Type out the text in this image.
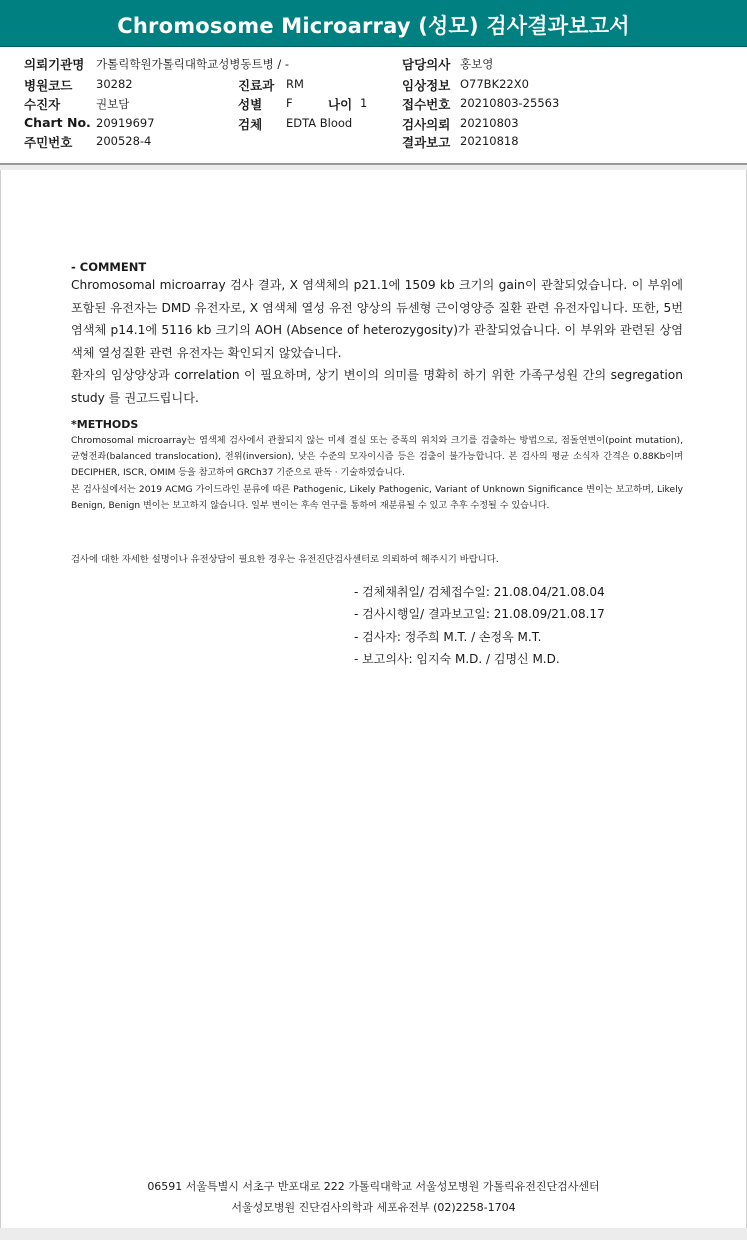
Chromosome Microarray (성모) 검사결과보고서
의뢰기관명 가톨릭학원가톨릭대학교성병동트병 / -
병원코드 30282
수진자	권보담
Chart No. 20919697
주민번호 200528-4
진료과 RM
성별 F	나이 1
검체 EDTA Blood
담당의사 홍보영
임상정보 O77BK22X0
접수번호 20210803-25563
검사의뢰 20210803
결과보고 20210818
- COMMENT

Chromosomal microarray 검사 결과, X 염색체의 p21.1에 1509 kb 크기의 gain이 관찰되었습니다. 이 부위에 포함된 유전자는 DMD 유전자로, X 염색체 열성 유전 양상의 듀센형 근이영양증 질환 관련 유전자입니다. 또한, 5번 염색체 p14.1에 5116 kb 크기의 AOH (Absence of heterozygosity)가 관찰되었습니다. 이 부위와 관련된 상염색체 열성질환 관련 유전자는 확인되지 않았습니다.

환자의 임상양상과 correlation 이 필요하며, 상기 변이의 의미를 명확히 하기 위한 가족구성원 간의 segregation study 를 권고드립니다.

*METHODS

Chromosomal microarray는 염색체 검사에서 관찰되지 않는 미세 결실 또는 증폭의 위치와 크기를 검출하는 방법으로, 점돌연변이(point mutation), 균형전좌(balanced translocation), 전위(inversion), 낮은 수준의 모자이시즘 등은 검출이 불가능합니다. 본 검사의 평균 소식자 간격은 0.88Kb이며 DECIPHER, ISCR, OMIM 등을 참고하여 GRCh37 기준으로 판독 · 기술하였습니다.

본 검사실에서는 2019 ACMG 가이드라인 분류에 따른 Pathogenic, Likely Pathogenic, Variant of Unknown Significance 변이는 보고하며, Likely Benign, Benign 변이는 보고하지 않습니다. 일부 변이는 후속 연구를 통하여 재분류될 수 있고 추후 수정될 수 있습니다.

검사에 대한 자세한 설명이나 유전상담이 필요한 경우는 유전진단검사센터로 의뢰하여 해주시기 바랍니다.
- 검체채취일/ 검체접수일: 21.08.04/21.08.04
- 검사시행일/ 결과보고일: 21.08.09/21.08.17
- 검사자: 정주희 M.T. / 손정옥 M.T.
- 보고의사: 임지숙 M.D. / 김명신 M.D.
06591 서울특별시 서초구 반포대로 222 가톨릭대학교 서울성모병원 가톨릭유전진단검사센터
서울성모병원 진단검사의학과 세포유전부 (02)2258-1704
